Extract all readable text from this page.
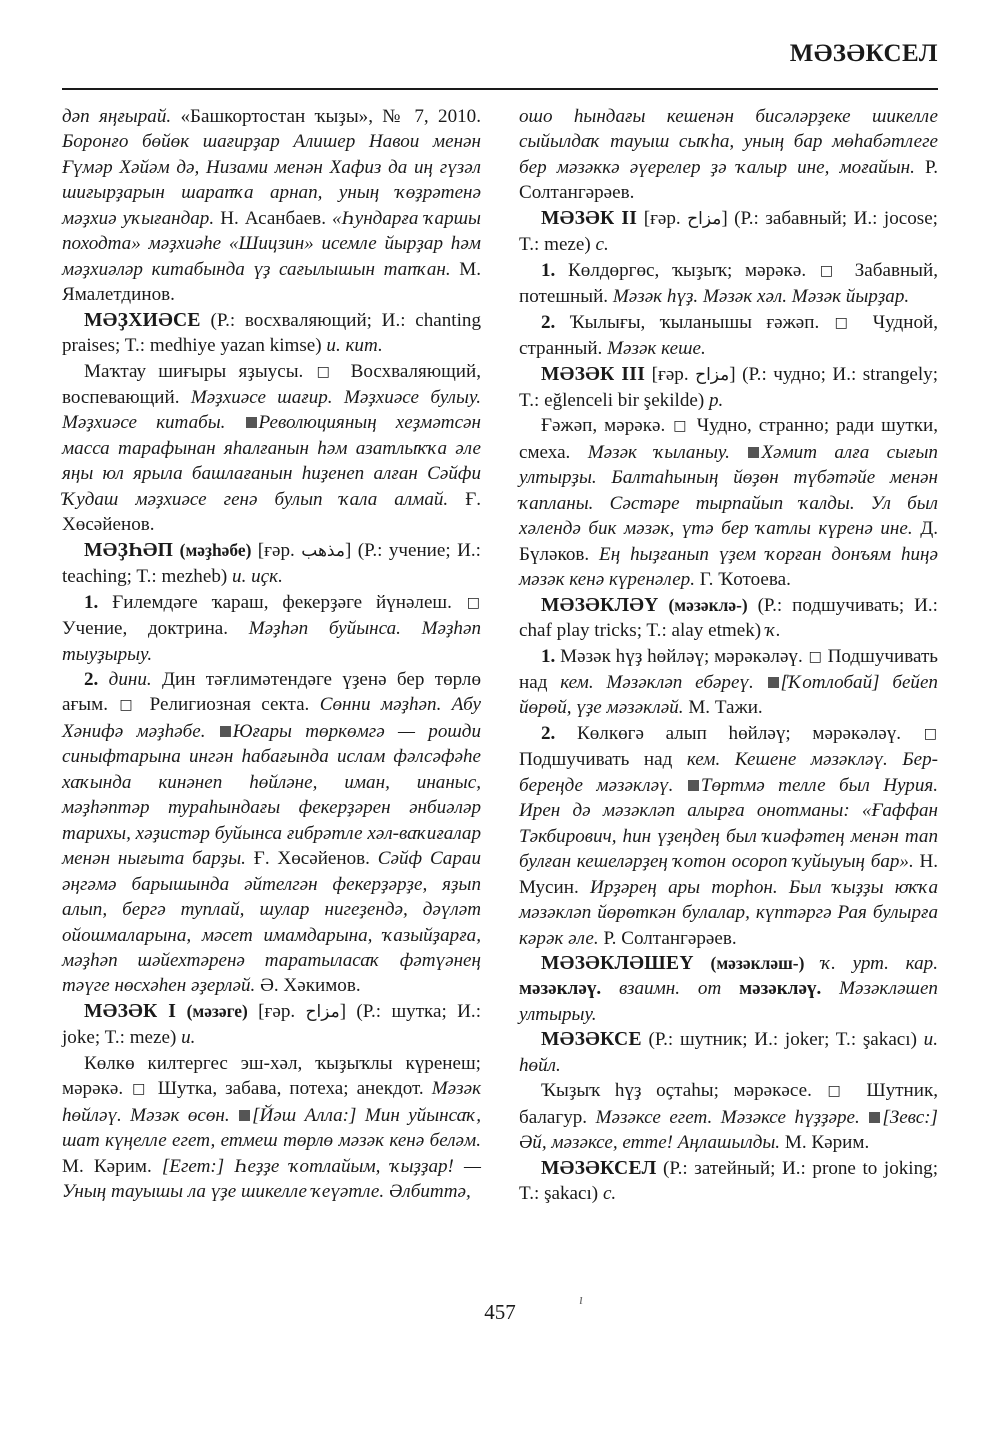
МӘЗӘКСЕЛ

дәп яңғырай. «Башкортостан ҡыҙы», № 7, 2010. Боронғо бөйөк шағирҙар Алишер Навои менән Ғүмәр Хәйәм дә, Низами менән Хафиз да иң гүзәл шиғырҙарын шарапҡа арнап, уның ҡөҙрәтенә мәҙхиә уҡығандар. Н. Асанбаев. «Һундарға ҡаршы походта» мәҙхиәһе «Шицзин» исемле йырҙар һәм мәҙхиәләр китабында үҙ сағылышын тапҡан. М. Ямалетдинов.

МӘҘХИӘСЕ (Р.: восхваляющий; И.: chanting praises; T.: medhiye yazan kimse) и. кит.

Маҡтау шиғыры яҙыусы. □ Восхваляющий, воспевающий. Мәҙхиәсе шағир. Мәҙхиәсе булыу. Мәҙхиәсе китабы. Революцияның хеҙмәтсән масса тарафынан яһалғанын һәм азатлыҡҡа әле яңы юл ярыла башлағанын һиҙенеп алған Сәйфи Ҡудаш мәҙхиәсе генә булып ҡала алмай. Ғ. Хөсәйенов.

МӘҘҺӘП (мәҙһәбе) [ғәр. مذهب] (Р.: учение; И.: teaching; T.: mezheb) и. иҫк.

1. Ғилемдәге ҡараш, фекерҙәге йүнәлеш. □ Учение, доктрина. Мәҙһәп буйынса. Мәҙһәп тыуҙырыу.

2. дини. Дин тәғлимәтендәге үҙенә бер төрлө ағым. □ Религиозная секта. Сөнни мәҙһәп. Абу Хәнифә мәҙһәбе. Юғары төркөмгә — рошди синыфтарына ингән һабағында ислам фәлсәфәһе хаҡында кинәнеп һөйләне, иман, инаныс, мәҙһәптәр тураһындағы фекерҙәрен әнбиәләр тарихы, хәҙистәр буйынса ғибрәтле хәл-ваҡиғалар менән нығыта барҙы. Ғ. Хөсәйенов. Сәйф Сараи әңгәмә барышында әйтелгән фекерҙәрҙе, яҙып алып, бергә туплай, шулар нигеҙендә, дәүләт ойошмаларына, мәсет имамдарына, ҡазыйҙарға, мәҙһәп шәйехтәренә таратыласаҡ фәтүәнең тәүге нөсхәһен әҙерләй. Ә. Хәкимов.

МӘЗӘК I (мәзәге) [ғәр. مزاح] (Р.: шутка; И.: joke; T.: meze) и.

Көлкө килтергес эш-хәл, ҡыҙыҡлы күренеш; мәрәкә. □ Шутка, забава, потеха; анекдот. Мәзәк һөйләү. Мәзәк өсөн. [Йәш Алла:] Мин уйынсаҡ, шат күңелле егет, етмеш төрлө мәзәк кенә беләм. М. Кәрим. [Егет:] Һеҙҙе ҡотлайым, ҡыҙҙар! — Уның тауышы ла үҙе шикелле ҡеүәтле. Әлбиттә,

ошо һындағы кешенән бисәләрҙеке шикелле сыйылдаҡ тауыш сыҡһа, уның бар мөһабәтлеге бер мәзәккә әүерелер ҙә ҡалыр ине, моғайын. Р. Солтангәрәев.

МӘЗӘК II [ғәр. مزاح] (Р.: забавный; И.: jocose; T.: meze) с.

1. Көлдөргөс, ҡыҙыҡ; мәрәкә. □ Забавный, потешный. Мәзәк һүҙ. Мәзәк хәл. Мәзәк йырҙар.

2. Ҡылығы, ҡыланышы ғәжәп. □ Чудной, странный. Мәзәк кеше.

МӘЗӘК III [ғәр. مزاح] (Р.: чудно; И.: strangely; T.: eğlenceli bir şekilde) р.

Ғәжәп, мәрәкә. □ Чудно, странно; ради шутки, смеха. Мәзәк ҡыланыу. Хәмит алға сығып ултырҙы. Балтаһының йөҙөн түбәтәйе менән ҡапланы. Сәстәре тырпайып ҡалды. Ул был хәлендә бик мәзәк, үтә бер ҡатлы күренә ине. Д. Бүләков. Ең һыҙғанып үҙем ҡорған донъям һиңә мәзәк кенә күренәлер. Г. Ҡотоева.

МӘЗӘКЛӘҮ (мәзәклә-) (Р.: подшучивать; И.: chaf play tricks; T.: alay etmek) ҡ.

1. Мәзәк һүҙ һөйләү; мәрәкәләү. □ Подшучивать над кем. Мәзәкләп ебәреү. [Ҡотлобай] бейеп йөрөй, үҙе мәзәкләй. М. Тажи.

2. Көлкөгә алып һөйләү; мәрәкәләү. □ Подшучивать над кем. Кешене мәзәкләү. Бер-береңде мәзәкләү. Төртмә телле был Нурия. Ирен дә мәзәкләп алырға онотманы: «Ғаффан Тәкбирович, һин үҙеңдең был ҡиәфәтең менән тап булған кешеләрҙең ҡотон осороп ҡуйыуың бар». Н. Мусин. Ирҙәрең ары торһон. Был ҡыҙҙы юҡҡа мәзәкләп йөрөткән булалар, күптәргә Рая булырға кәрәк әле. Р. Солтангәрәев.

МӘЗӘКЛӘШЕҮ (мәзәкләш-) ҡ. урт. кар. мәзәкләү. взаимн. от мәзәкләү. Мәзәкләшеп ултырыу.

МӘЗӘКСЕ (Р.: шутник; И.: joker; T.: şakacı) и. һөйл.

Ҡыҙыҡ һүҙ оҫтаһы; мәрәкәсе. □ Шутник, балагур. Мәзәксе егет. Мәзәксе һүҙҙәре. [Зевс:] Әй, мәзәксе, етте! Аңлашылды. М. Кәрим.

МӘЗӘКСЕЛ (Р.: затейный; И.: prone to joking; T.: şakacı) с.

457	ı
